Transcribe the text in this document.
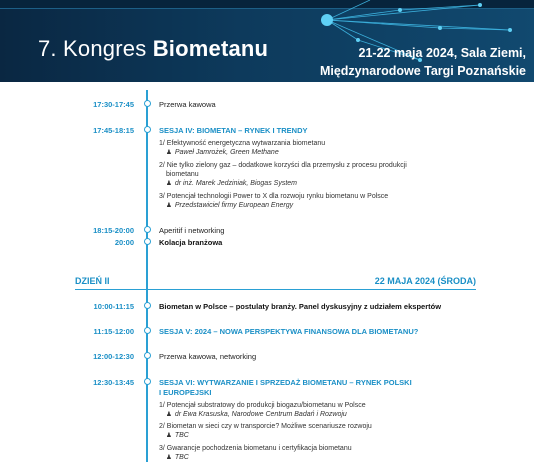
7. Kongres Biometanu	21-22 maja 2024, Sala Ziemi,
Międzynarodowe Targi Poznańskie
17:30-17:45	Przerwa kawowa
17:45-18:15	SESJA IV: BIOMETAN – RYNEK I TRENDY
1/ Efektywność energetyczna wytwarzania biometanu
♟ Paweł Jamrożek, Green Methane
2/ Nie tylko zielony gaz – dodatkowe korzyści dla przemysłu z procesu produkcji
biometanu
♟ dr inż. Marek Jedziniak, Biogas System
3/ Potencjał technologii Power to X dla rozwoju rynku biometanu w Polsce
♟ Przedstawiciel firmy European Energy
18:15-20:00	Aperitif i networking
20:00	Kolacja branżowa
DZIEŃ II	22 MAJA 2024 (ŚRODA)
10:00-11:15	Biometan w Polsce – postulaty branży. Panel dyskusyjny z udziałem ekspertów
11:15-12:00	SESJA V: 2024 – NOWA PERSPEKTYWA FINANSOWA DLA BIOMETANU?
12:00-12:30	Przerwa kawowa, networking
12:30-13:45	SESJA VI: WYTWARZANIE I SPRZEDAŻ BIOMETANU – RYNEK POLSKI
I EUROPEJSKI
1/ Potencjał substratowy do produkcji biogazu/biometanu w Polsce
♟ dr Ewa Krasuska, Narodowe Centrum Badań i Rozwoju
2/ Biometan w sieci czy w transporcie? Możliwe scenariusze rozwoju
♟ TBC
3/ Gwarancje pochodzenia biometanu i certyfikacja biometanu
♟ TBC
